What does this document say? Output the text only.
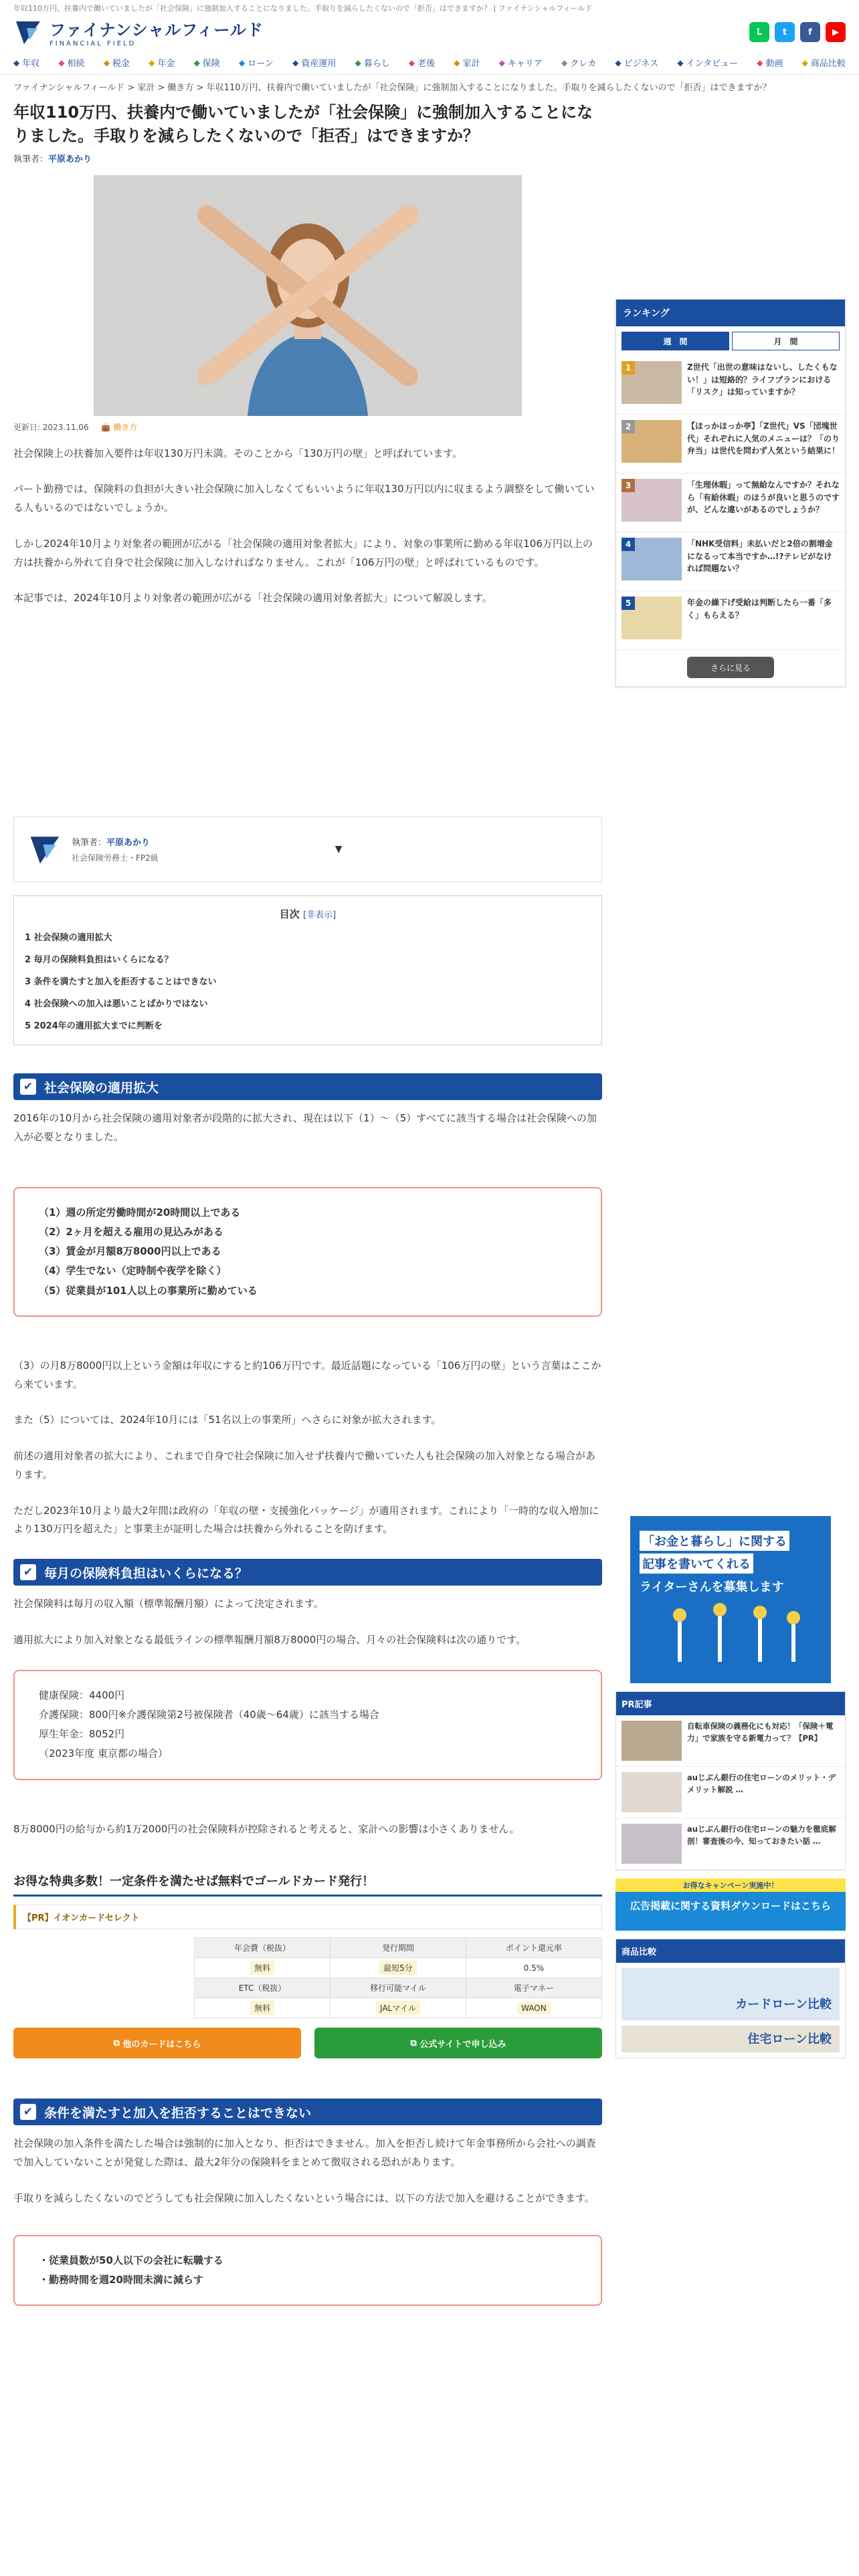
年収110万円、扶養内で働いていましたが「社会保険」に強制加入することになりました。手取りを減らしたくないので「拒否」はできますか？ | ファイナンシャルフィールド
ファイナンシャルフィールド
FINANCIAL FIELD
L	t	f	▶
◆ 年収 ◆ 相続 ◆ 税金 ◆ 年金 ◆ 保険 ◆ ローン ◆ 資産運用 ◆ 暮らし ◆ 老後 ◆ 家計 ◆ キャリア ◆ クレカ ◆ ビジネス ◆ インタビュー ◆ 動画 ◆ 商品比較
ファイナンシャルフィールド > 家計 > 働き方 > 年収110万円、扶養内で働いていましたが「社会保険」に強制加入することになりました。手取りを減らしたくないので「拒否」はできますか？
年収110万円、扶養内で働いていましたが「社会保険」に強制加入することになりました。手取りを減らしたくないので「拒否」はできますか？
執筆者：平原あかり
更新日: 2023.11.06 👜 働き方

社会保険上の扶養加入要件は年収130万円未満。そのことから「130万円の壁」と呼ばれています。

パート勤務では、保険料の負担が大きい社会保険に加入しなくてもいいように年収130万円以内に収まるよう調整をして働いている人もいるのではないでしょうか。

しかし2024年10月より対象者の範囲が広がる「社会保険の適用対象者拡大」により、対象の事業所に勤める年収106万円以上の方は扶養から外れて自身で社会保険に加入しなければなりません。これが「106万円の壁」と呼ばれているものです。

本記事では、2024年10月より対象者の範囲が広がる「社会保険の適用対象者拡大」について解説します。

執筆者：平原あかり
社会保険労務士・FP2級
▼
目次 [非表示]
1 社会保険の適用拡大
2 毎月の保険料負担はいくらになる？
3 条件を満たすと加入を拒否することはできない
4 社会保険への加入は悪いことばかりではない
5 2024年の適用拡大までに判断を
✔ 社会保険の適用拡大

2016年の10月から社会保険の適用対象者が段階的に拡大され、現在は以下（1）～（5）すべてに該当する場合は社会保険への加入が必要となりました。

（1）週の所定労働時間が20時間以上である
（2）2ヶ月を超える雇用の見込みがある
（3）賃金が月額8万8000円以上である
（4）学生でない（定時制や夜学を除く）
（5）従業員が101人以上の事業所に勤めている

（3）の月8万8000円以上という金額は年収にすると約106万円です。最近話題になっている「106万円の壁」という言葉はここから来ています。

また（5）については、2024年10月には「51名以上の事業所」へさらに対象が拡大されます。

前述の適用対象者の拡大により、これまで自身で社会保険に加入せず扶養内で働いていた人も社会保険の加入対象となる場合があります。

ただし2023年10月より最大2年間は政府の「年収の壁・支援強化パッケージ」が適用されます。これにより「一時的な収入増加により130万円を超えた」と事業主が証明した場合は扶養から外れることを防げます。

✔ 毎月の保険料負担はいくらになる？

社会保険料は毎月の収入額（標準報酬月額）によって決定されます。

適用拡大により加入対象となる最低ラインの標準報酬月額8万8000円の場合、月々の社会保険料は次の通りです。

健康保険：4400円
介護保険：800円※介護保険第2号被保険者（40歳～64歳）に該当する場合
厚生年金：8052円
（2023年度 東京都の場合）

8万8000円の給与から約1万2000円の社会保険料が控除されると考えると、家計への影響は小さくありません。

お得な特典多数！一定条件を満たせば無料でゴールドカード発行！
【PR】イオンカードセレクト
年会費（税抜）	発行期間	ポイント還元率
無料	最短5分	0.5%
ETC（税抜）	移行可能マイル	電子マネー
無料	JALマイル	WAON
⧉ 他のカードはこちら	⧉ 公式サイトで申し込み
✔ 条件を満たすと加入を拒否することはできない

社会保険の加入条件を満たした場合は強制的に加入となり、拒否はできません。加入を拒否し続けて年金事務所から会社への調査で加入していないことが発覚した際は、最大2年分の保険料をまとめて徴収される恐れがあります。

手取りを減らしたくないのでどうしても社会保険に加入したくないという場合には、以下の方法で加入を避けることができます。

・従業員数が50人以下の会社に転職する
・勤務時間を週20時間未満に減らす
ランキング
週　間	月　間
1	Z世代「出世の意味はないし、したくもない！」は短絡的？ライフプランにおける「リスク」は知っていますか？
2	【ほっかほっか亭】「Z世代」VS「団塊世代」それぞれに人気のメニューは？「のり弁当」は世代を問わず人気という結果に！
3	「生理休暇」って無給なんですか？それなら「有給休暇」のほうが良いと思うのですが、どんな違いがあるのでしょうか？
4	「NHK受信料」未払いだと2倍の割増金になるって本当ですか…!?テレビがなければ問題ない？
5	年金の繰下げ受給は判断したら一番「多く」もらえる？
さらに見る
「お金と暮らし」に関する
記事を書いてくれる
ライターさんを募集します
PR記事
自転車保険の義務化にも対応！「保険＋電力」で家族を守る新電力って？【PR】
auじぶん銀行の住宅ローンのメリット・デメリット解説 …
auじぶん銀行の住宅ローンの魅力を徹底解剖！審査後の今、知っておきたい話 …
お得なキャンペーン実施中！
広告掲載に関する資料ダウンロードはこちら
商品比較
カードローン比較
住宅ローン比較
